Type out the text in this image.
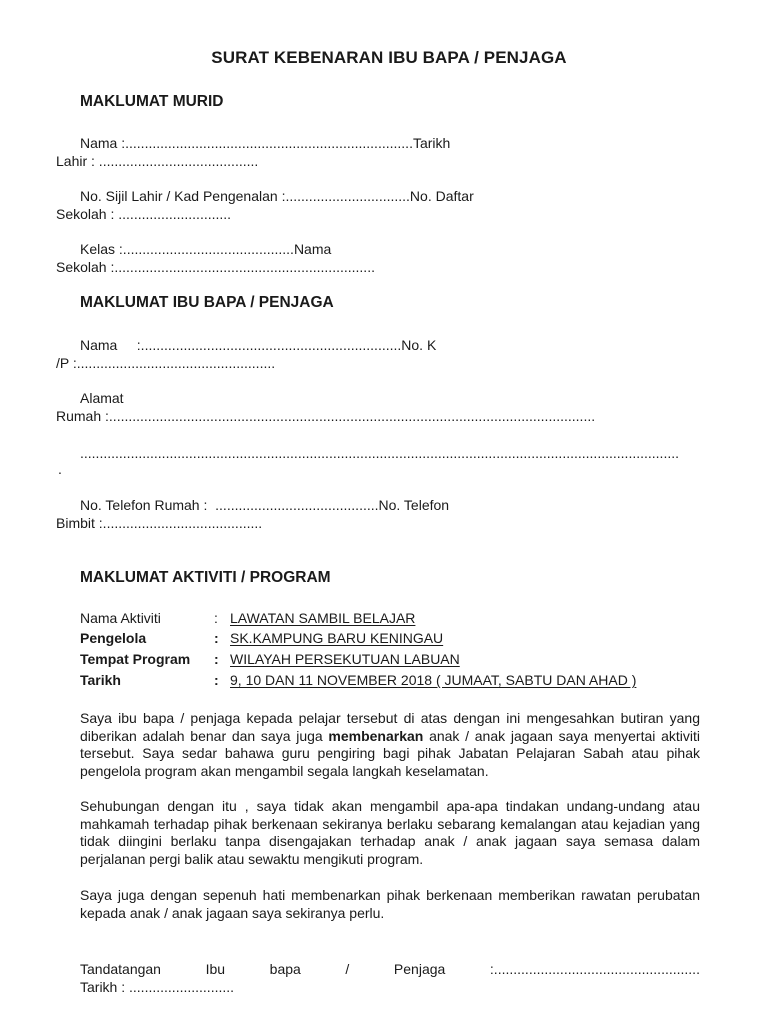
SURAT KEBENARAN IBU BAPA / PENJAGA
MAKLUMAT MURID
Nama :..........................................................................Tarikh
Lahir : .........................................
No. Sijil Lahir / Kad Pengenalan :................................No. Daftar
Sekolah : .............................
Kelas :............................................Nama
Sekolah :...................................................................
MAKLUMAT IBU BAPA / PENJAGA
Nama     :...................................................................No. K
/P :...................................................
Alamat
Rumah :.............................................................................................................................
..........................................................................................................................................................
.
No. Telefon Rumah :  ..........................................No. Telefon
Bimbit :.........................................
MAKLUMAT AKTIVITI / PROGRAM
Nama Aktiviti	: LAWATAN SAMBIL BELAJAR
Pengelola	: SK.KAMPUNG BARU KENINGAU
Tempat Program : WILAYAH PERSEKUTUAN LABUAN
Tarikh	: 9, 10 DAN 11 NOVEMBER 2018 ( JUMAAT, SABTU DAN AHAD )
Saya ibu bapa / penjaga kepada pelajar tersebut di atas dengan ini mengesahkan butiran yang diberikan adalah benar dan saya juga membenarkan anak / anak jagaan saya menyertai aktiviti tersebut. Saya sedar bahawa guru pengiring bagi pihak Jabatan Pelajaran Sabah atau pihak pengelola program akan mengambil segala langkah keselamatan.
Sehubungan dengan itu , saya tidak akan mengambil apa-apa tindakan undang-undang atau mahkamah terhadap pihak berkenaan sekiranya berlaku sebarang kemalangan atau kejadian yang tidak diingini berlaku tanpa disengajakan terhadap anak / anak jagaan saya semasa dalam perjalanan pergi balik atau sewaktu mengikuti program.
Saya juga dengan sepenuh hati membenarkan pihak berkenaan memberikan rawatan perubatan kepada anak / anak jagaan saya sekiranya perlu.
Tandatangan	Ibu	bapa	/	Penjaga	:.....................................................
Tarikh : ...........................
